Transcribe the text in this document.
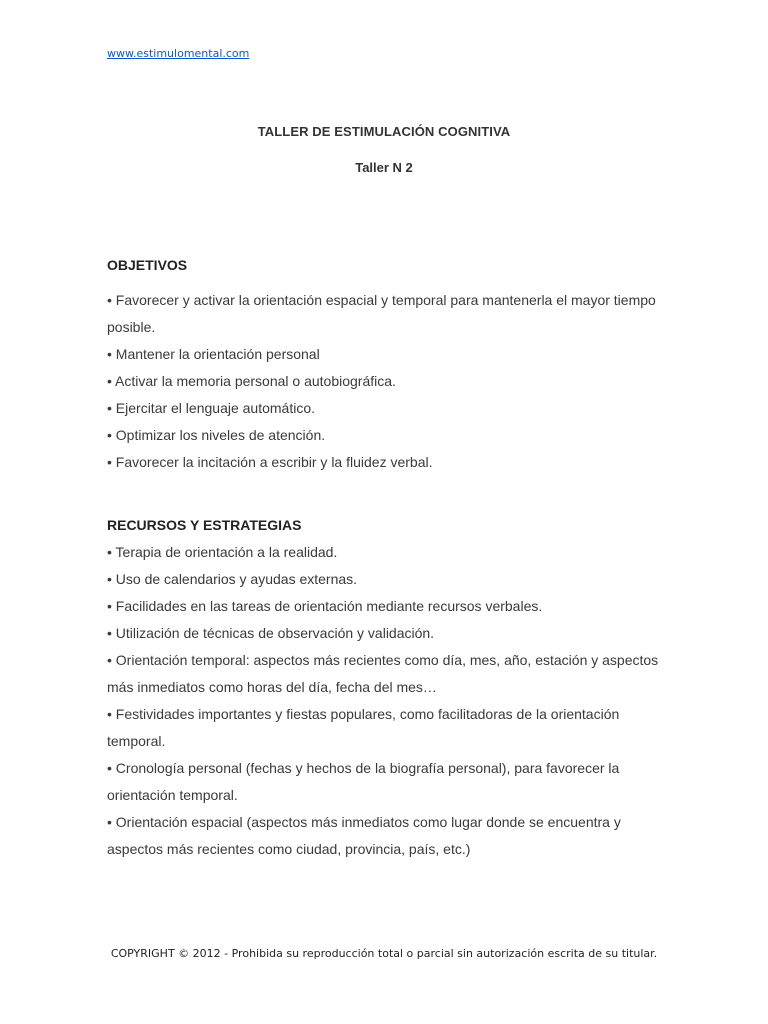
www.estimulomental.com
TALLER DE ESTIMULACIÓN COGNITIVA
Taller N 2
OBJETIVOS
• Favorecer y activar la orientación espacial y temporal para mantenerla el mayor tiempo posible.
• Mantener la orientación personal
• Activar la memoria personal o autobiográfica.
• Ejercitar el lenguaje automático.
• Optimizar los niveles de atención.
• Favorecer la incitación a escribir y la fluidez verbal.
RECURSOS Y ESTRATEGIAS
• Terapia de orientación a la realidad.
• Uso de calendarios y ayudas externas.
• Facilidades en las tareas de orientación mediante recursos verbales.
• Utilización de técnicas de observación y validación.
• Orientación temporal: aspectos más recientes como día, mes, año, estación y aspectos más inmediatos como horas del día, fecha del mes…
• Festividades importantes y fiestas populares, como facilitadoras de la orientación temporal.
• Cronología personal (fechas y hechos de la biografía personal), para favorecer la orientación temporal.
• Orientación espacial (aspectos más inmediatos como lugar donde se encuentra y aspectos más recientes como ciudad, provincia, país, etc.)
COPYRIGHT © 2012 - Prohibida su reproducción total o parcial sin autorización escrita de su titular.
